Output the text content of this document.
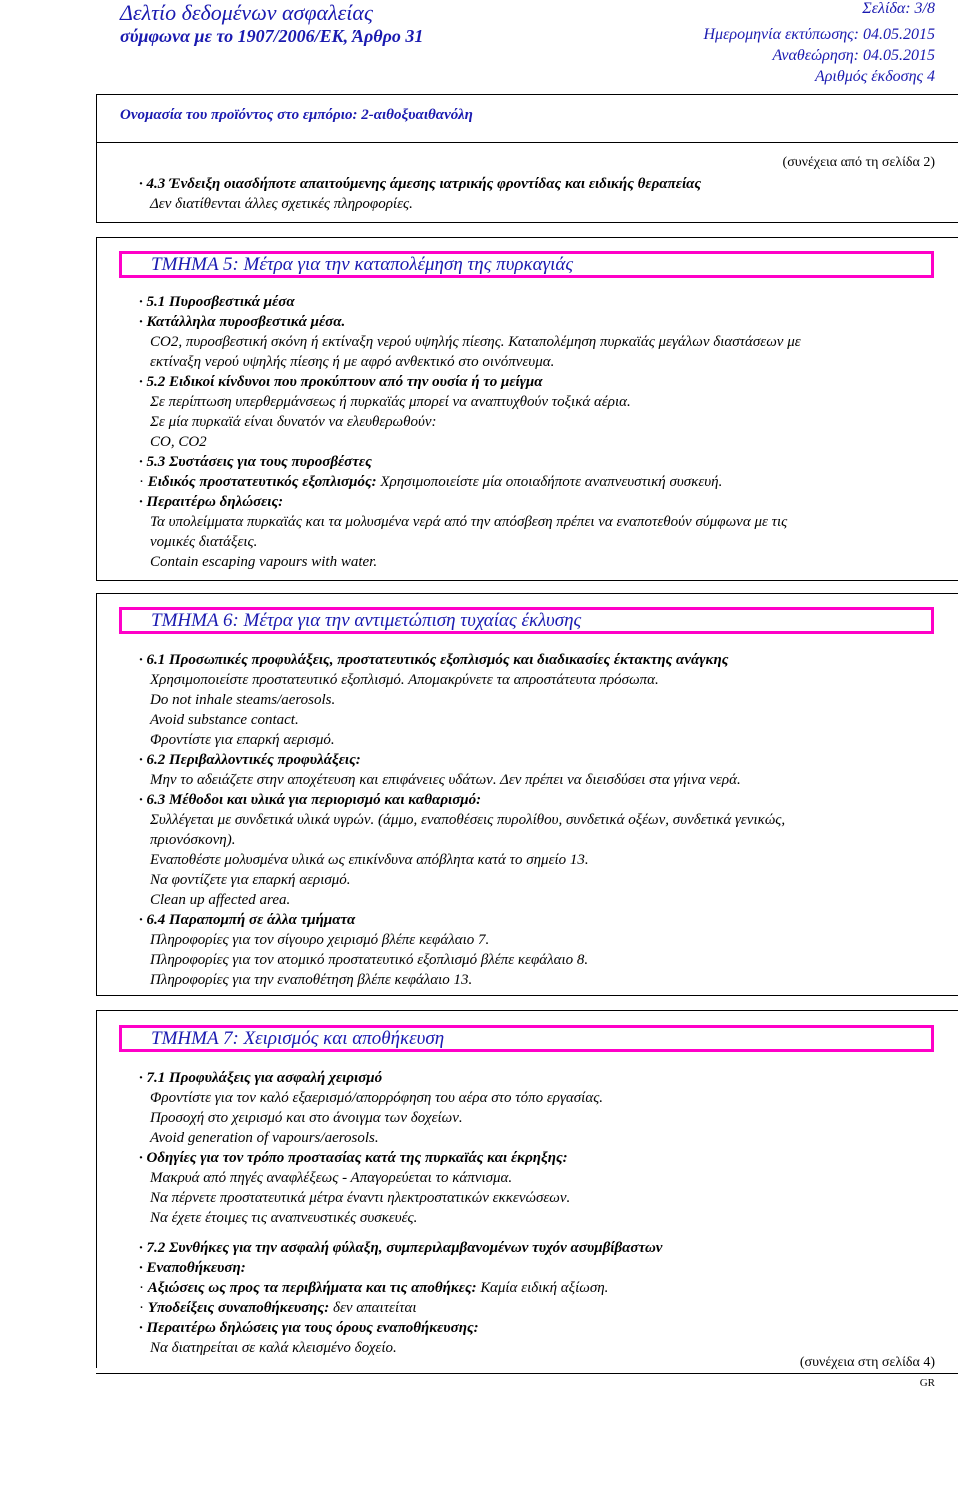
Δελτίο δεδομένων ασφαλείας
σύμφωνα με το 1907/2006/ΕΚ, Άρθρο 31
Σελίδα: 3/8
Ημερομηνία εκτύπωσης: 04.05.2015
Αναθεώρηση: 04.05.2015
Αριθμός έκδοσης 4
Ονομασία του προϊόντος στο εμπόριο: 2-αιθοξυαιθανόλη
(συνέχεια από τη σελίδα 2)
· 4.3 Ένδειξη οιασδήποτε απαιτούμενης άμεσης ιατρικής φροντίδας και ειδικής θεραπείας
Δεν διατίθενται άλλες σχετικές πληροφορίες.
ΤΜΗΜΑ 5: Μέτρα για την καταπολέμηση της πυρκαγιάς
· 5.1 Πυροσβεστικά μέσα
· Κατάλληλα πυροσβεστικά μέσα.
CO2, πυροσβεστική σκόνη ή εκτίναξη νερού υψηλής πίεσης. Καταπολέμηση πυρκαϊάς μεγάλων διαστάσεων με
εκτίναξη νερού υψηλής πίεσης ή με αφρό ανθεκτικό στο οινόπνευμα.
· 5.2 Ειδικοί κίνδυνοι που προκύπτουν από την ουσία ή το μείγμα
Σε περίπτωση υπερθερμάνσεως ή πυρκαϊάς μπορεί να αναπτυχθούν τοξικά αέρια.
Σε μία πυρκαϊά είναι δυνατόν να ελευθερωθούν:
CO, CO2
· 5.3 Συστάσεις για τους πυροσβέστες
· Ειδικός προστατευτικός εξοπλισμός: Χρησιμοποιείστε μία οποιαδήποτε αναπνευστική συσκευή.
· Περαιτέρω δηλώσεις:
Τα υπολείμματα πυρκαϊάς και τα μολυσμένα νερά από την απόσβεση πρέπει να εναποτεθούν σύμφωνα με τις
νομικές διατάξεις.
Contain escaping vapours with water.
ΤΜΗΜΑ 6: Μέτρα για την αντιμετώπιση τυχαίας έκλυσης
· 6.1 Προσωπικές προφυλάξεις, προστατευτικός εξοπλισμός και διαδικασίες έκτακτης ανάγκης
Χρησιμοποιείστε προστατευτικό εξοπλισμό. Απομακρύνετε τα απροστάτευτα πρόσωπα.
Do not inhale steams/aerosols.
Avoid substance contact.
Φροντίστε για επαρκή αερισμό.
· 6.2 Περιβαλλοντικές προφυλάξεις:
Μην το αδειάζετε στην αποχέτευση και επιφάνειες υδάτων. Δεν πρέπει να διεισδύσει στα γήινα νερά.
· 6.3 Μέθοδοι και υλικά για περιορισμό και καθαρισμό:
Συλλέγεται με συνδετικά υλικά υγρών. (άμμο, εναποθέσεις πυρολίθου, συνδετικά οξέων, συνδετικά γενικώς,
πριονόσκονη).
Εναποθέστε μολυσμένα υλικά ως επικίνδυνα απόβλητα κατά το σημείο 13.
Να φοντίζετε για επαρκή αερισμό.
Clean up affected area.
· 6.4 Παραπομπή σε άλλα τμήματα
Πληροφορίες για τον σίγουρο χειρισμό βλέπε κεφάλαιο 7.
Πληροφορίες για τον ατομικό προστατευτικό εξοπλισμό βλέπε κεφάλαιο 8.
Πληροφορίες για την εναποθέτηση βλέπε κεφάλαιο 13.
ΤΜΗΜΑ 7: Χειρισμός και αποθήκευση
· 7.1 Προφυλάξεις για ασφαλή χειρισμό
Φροντίστε για τον καλό εξαερισμό/απορρόφηση του αέρα στο τόπο εργασίας.
Προσοχή στο χειρισμό και στο άνοιγμα των δοχείων.
Avoid generation of vapours/aerosols.
· Οδηγίες για τον τρόπο προστασίας κατά της πυρκαϊάς και έκρηξης:
Μακρυά από πηγές αναφλέξεως - Απαγορεύεται το κάπνισμα.
Να πέρνετε προστατευτικά μέτρα έναντι ηλεκτροστατικών εκκενώσεων.
Να έχετε έτοιμες τις αναπνευστικές συσκευές.
· 7.2 Συνθήκες για την ασφαλή φύλαξη, συμπεριλαμβανομένων τυχόν ασυμβίβαστων
· Εναποθήκευση:
· Αξιώσεις ως προς τα περιβλήματα και τις αποθήκες: Καμία ειδική αξίωση.
· Υποδείξεις συναποθήκευσης: δεν απαιτείται
· Περαιτέρω δηλώσεις για τους όρους εναποθήκευσης:
Να διατηρείται σε καλά κλεισμένο δοχείο.
(συνέχεια στη σελίδα 4)
GR
